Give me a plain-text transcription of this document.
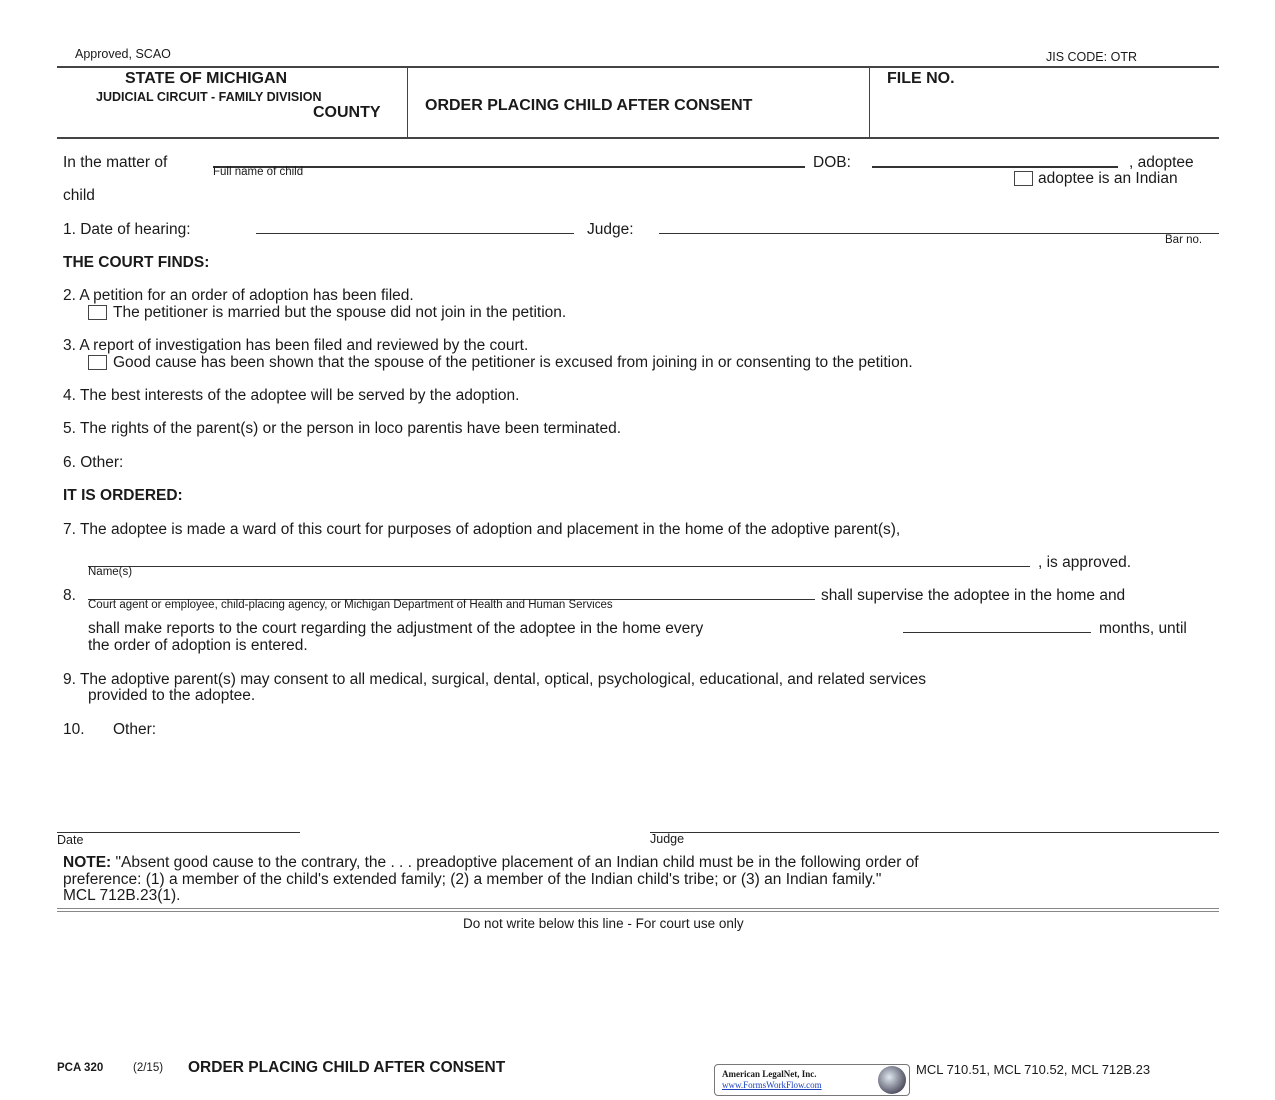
Approved, SCAO	JIS CODE: OTR
STATE OF MICHIGAN
JUDICIAL CIRCUIT - FAMILY DIVISION
COUNTY	ORDER PLACING CHILD AFTER CONSENT
FILE NO.
In the matter of
Full name of child
DOB:	, adoptee
adoptee is an Indian
child
1. Date of hearing:	Judge:
Bar no.
THE COURT FINDS:
2. A petition for an order of adoption has been filed.
The petitioner is married but the spouse did not join in the petition.
3. A report of investigation has been filed and reviewed by the court.
Good cause has been shown that the spouse of the petitioner is excused from joining in or consenting to the petition.
4. The best interests of the adoptee will be served by the adoption.
5. The rights of the parent(s) or the person in loco parentis have been terminated.
6. Other:
IT IS ORDERED:
7. The adoptee is made a ward of this court for purposes of adoption and placement in the home of the adoptive parent(s),
, is approved.
Name(s)
8.
Court agent or employee, child-placing agency, or Michigan Department of Health and Human Services
shall supervise the adoptee in the home and
shall make reports to the court regarding the adjustment of the adoptee in the home every	months, until
the order of adoption is entered.
9. The adoptive parent(s) may consent to all medical, surgical, dental, optical, psychological, educational, and related services
provided to the adoptee.
10. Other:
Date	Judge
NOTE: "Absent good cause to the contrary, the . . . preadoptive placement of an Indian child must be in the following order of
preference: (1) a member of the child's extended family; (2) a member of the Indian child's tribe; or (3) an Indian family."
MCL 712B.23(1).
Do not write below this line - For court use only
PCA 320	(2/15) ORDER PLACING CHILD AFTER CONSENT	American LegalNet, Inc.
www.FormsWorkFlow.com
MCL 710.51, MCL 710.52, MCL 712B.23
